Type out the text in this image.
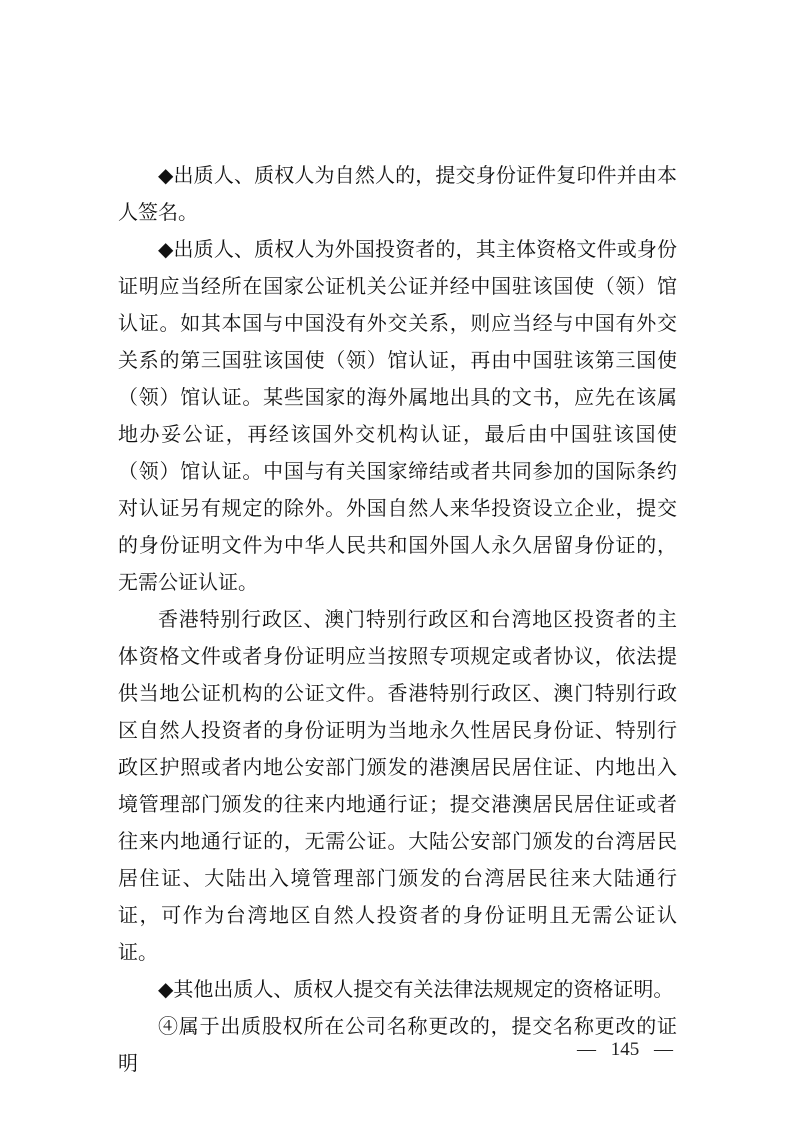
◆出质人、质权人为自然人的，提交身份证件复印件并由本人签名。

◆出质人、质权人为外国投资者的，其主体资格文件或身份证明应当经所在国家公证机关公证并经中国驻该国使（领）馆认证。如其本国与中国没有外交关系，则应当经与中国有外交关系的第三国驻该国使（领）馆认证，再由中国驻该第三国使（领）馆认证。某些国家的海外属地出具的文书，应先在该属地办妥公证，再经该国外交机构认证，最后由中国驻该国使（领）馆认证。中国与有关国家缔结或者共同参加的国际条约对认证另有规定的除外。外国自然人来华投资设立企业，提交的身份证明文件为中华人民共和国外国人永久居留身份证的，无需公证认证。

香港特别行政区、澳门特别行政区和台湾地区投资者的主体资格文件或者身份证明应当按照专项规定或者协议，依法提供当地公证机构的公证文件。香港特别行政区、澳门特别行政区自然人投资者的身份证明为当地永久性居民身份证、特别行政区护照或者内地公安部门颁发的港澳居民居住证、内地出入境管理部门颁发的往来内地通行证；提交港澳居民居住证或者往来内地通行证的，无需公证。大陆公安部门颁发的台湾居民居住证、大陆出入境管理部门颁发的台湾居民往来大陆通行证，可作为台湾地区自然人投资者的身份证明且无需公证认证。

◆其他出质人、质权人提交有关法律法规规定的资格证明。

④属于出质股权所在公司名称更改的，提交名称更改的证明

— 145 —
